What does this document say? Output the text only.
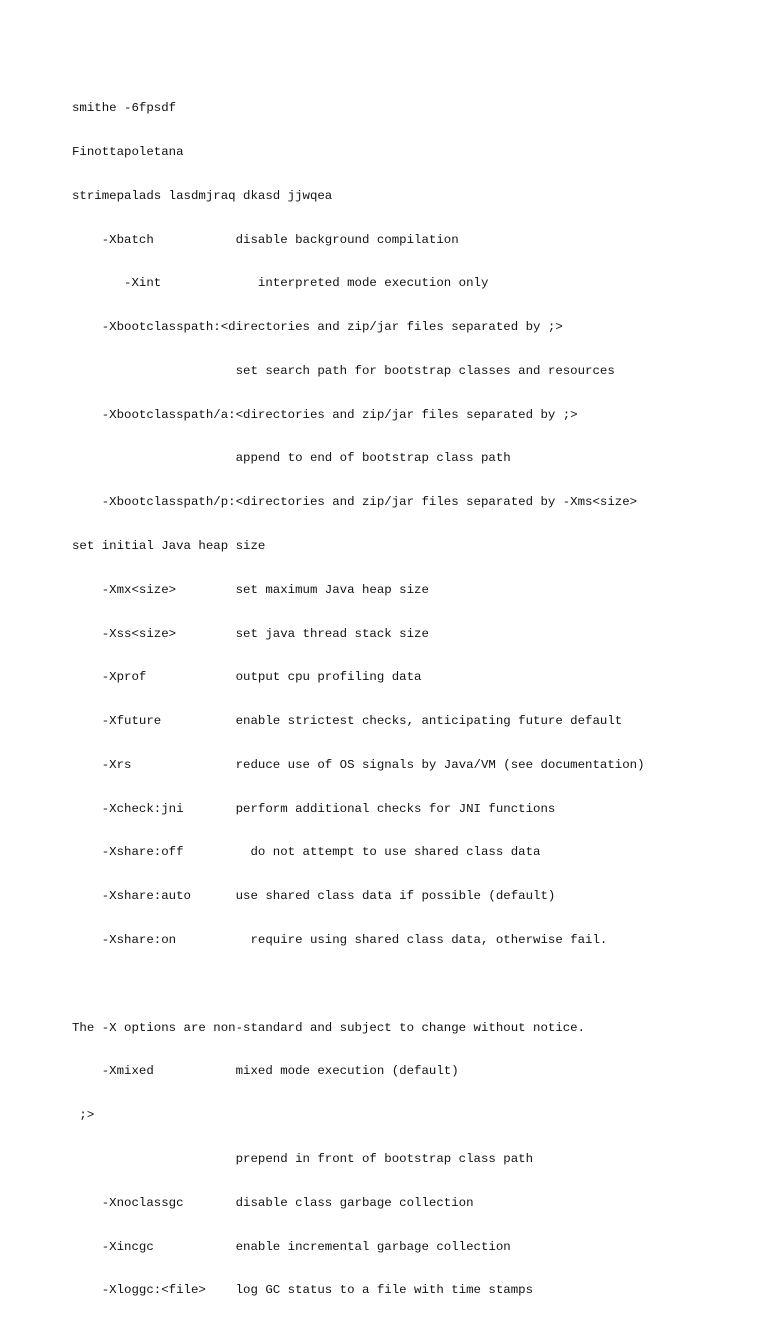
smithe -6fpsdf

Finottapoletana

strimepalads lasdmjraq dkasd jjwqea

-Xbatch           disable background compilation

-Xint             interpreted mode execution only

-Xbootclasspath:<directories and zip/jar files separated by ;>

set search path for bootstrap classes and resources

-Xbootclasspath/a:<directories and zip/jar files separated by ;>

append to end of bootstrap class path

-Xbootclasspath/p:<directories and zip/jar files separated by -Xms<size>

set initial Java heap size

-Xmx<size>        set maximum Java heap size

-Xss<size>        set java thread stack size

-Xprof            output cpu profiling data

-Xfuture          enable strictest checks, anticipating future default

-Xrs              reduce use of OS signals by Java/VM (see documentation)

-Xcheck:jni       perform additional checks for JNI functions

-Xshare:off         do not attempt to use shared class data

-Xshare:auto      use shared class data if possible (default)

-Xshare:on          require using shared class data, otherwise fail.

The -X options are non-standard and subject to change without notice.

-Xmixed           mixed mode execution (default)

;>

prepend in front of bootstrap class path

-Xnoclassgc       disable class garbage collection

-Xincgc           enable incremental garbage collection

-Xloggc:<file>    log GC status to a file with time stamps
